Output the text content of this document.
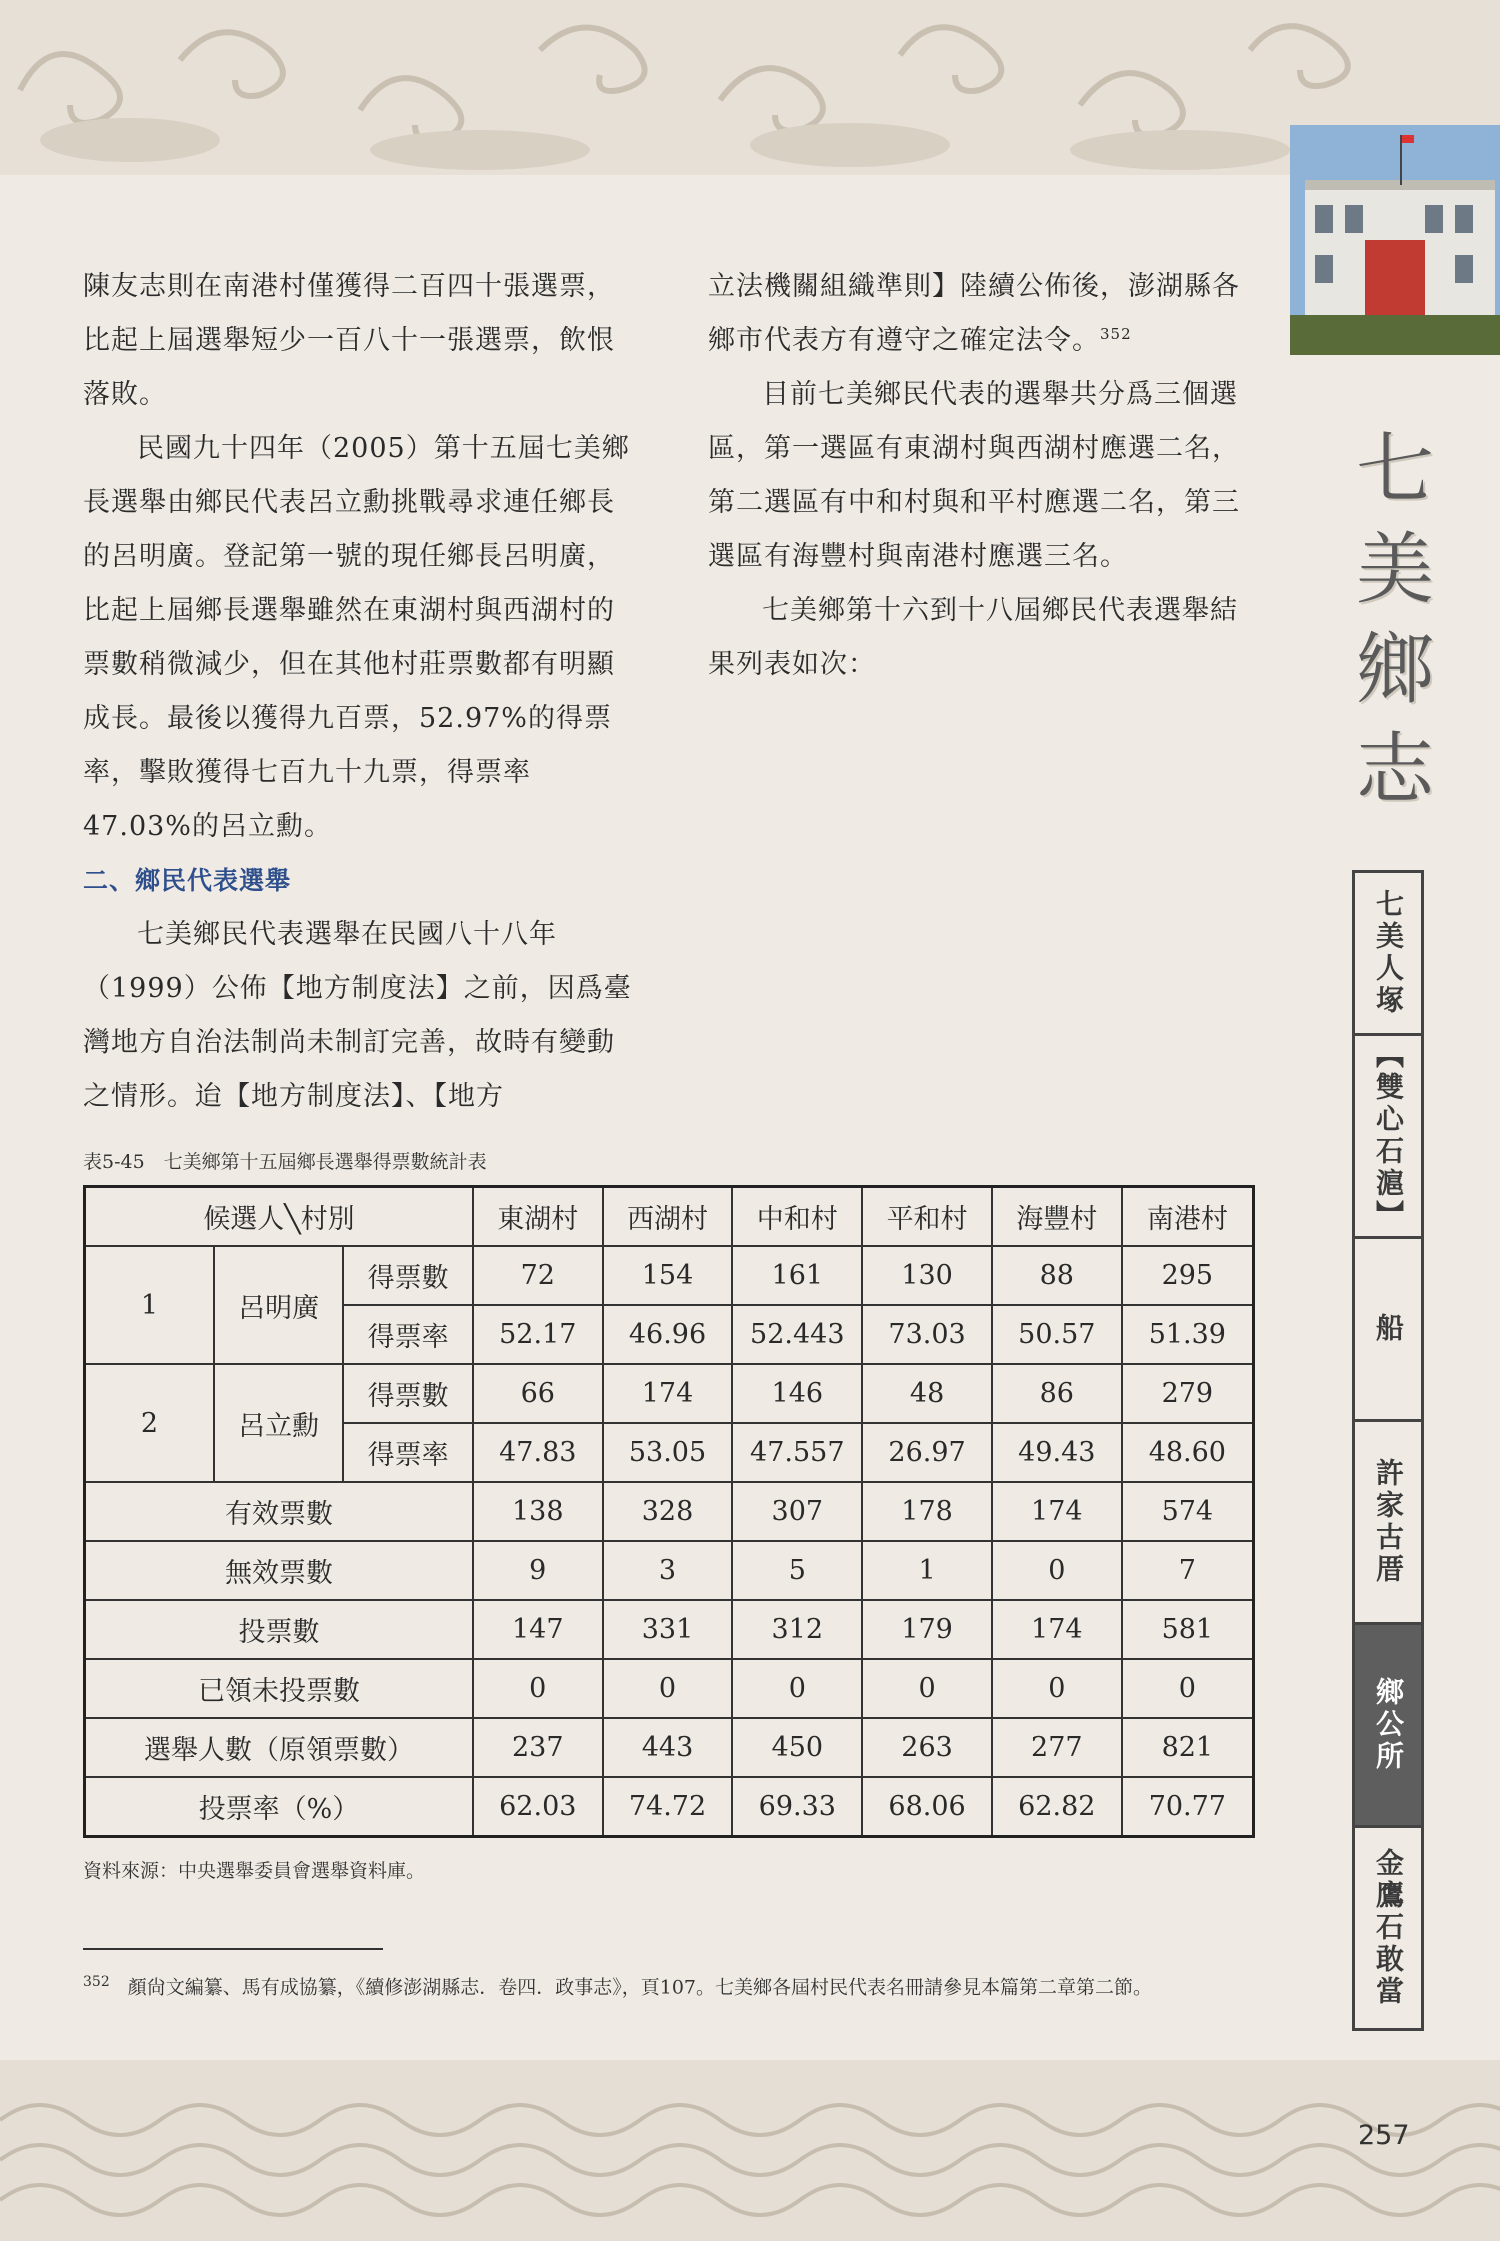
七
美
鄉
志

陳友志則在南港村僅獲得二百四十張選票，比起上屆選舉短少一百八十一張選票，飲恨落敗。

民國九十四年（2005）第十五屆七美鄉長選舉由鄉民代表呂立勳挑戰尋求連任鄉長的呂明廣。登記第一號的現任鄉長呂明廣，比起上屆鄉長選舉雖然在東湖村與西湖村的票數稍微減少，但在其他村莊票數都有明顯成長。最後以獲得九百票，52.97%的得票率，擊敗獲得七百九十九票，得票率47.03%的呂立勳。

二、鄉民代表選舉

七美鄉民代表選舉在民國八十八年（1999）公佈【地方制度法】之前，因爲臺灣地方自治法制尚未制訂完善，故時有變動之情形。迨【地方制度法】、【地方

立法機關組織準則】陸續公佈後，澎湖縣各鄉市代表方有遵守之確定法令。$^{352}$

目前七美鄉民代表的選舉共分爲三個選區，第一選區有東湖村與西湖村應選二名，第二選區有中和村與和平村應選二名，第三選區有海豐村與南港村應選三名。

七美鄉第十六到十八屆鄉民代表選舉結果列表如次：

表5-45　七美鄉第十五屆鄉長選舉得票數統計表
候選人╲村別			東湖村	西湖村	中和村	平和村	海豐村	南港村
1	呂明廣	得票數	72	154	161	130	88	295
		得票率	52.17	46.96	52.443	73.03	50.57	51.39
2	呂立勳	得票數	66	174	146	48	86	279
		得票率	47.83	53.05	47.557	26.97	49.43	48.60
有效票數			138	328	307	178	174	574
無效票數			9	3	5	1	0	7
投票數			147	331	312	179	174	581
已領未投票數			0	0	0	0	0	0
選舉人數（原領票數）			237	443	450	263	277	821
投票率（%）			62.03	74.72	69.33	68.06	62.82	70.77
資料來源：中央選舉委員會選舉資料庫。
$^{352}$ 顏尙文編纂、馬有成協纂，《續修澎湖縣志．卷四．政事志》，頁107。七美鄉各屆村民代表名冊請參見本篇第二章第二節。
七美人塚
【雙心石滬】
船
許家古厝
鄉公所
金鷹石敢當
257
